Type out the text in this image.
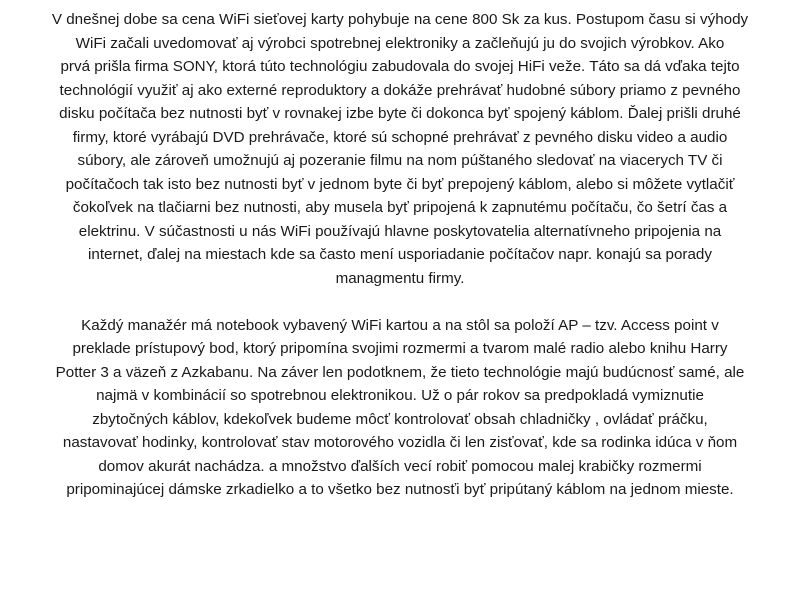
V dnešnej dobe sa cena WiFi sieťovej karty pohybuje na cene 800 Sk za kus. Postupom času si výhody
WiFi začali uvedomovať aj výrobci spotrebnej elektroniky a začleňujú ju do svojich výrobkov. Ako
prvá prišla firma SONY, ktorá túto technológiu zabudovala do svojej HiFi veže. Táto sa dá vďaka tejto
technológií využiť aj ako externé reproduktory a dokáže prehrávať hudobné súbory priamo z pevného
disku počítača bez nutnosti byť v rovnakej izbe byte či dokonca byť spojený káblom. Ďalej prišli druhé
firmy, ktoré vyrábajú DVD prehrávače, ktoré sú schopné prehrávať z pevného disku video a audio
súbory, ale zároveň umožnujú aj pozeranie filmu na nom púštaného sledovať na viacerych TV či
počítačoch tak isto bez nutnosti byť v jednom byte či byť prepojený káblom, alebo si môžete vytlačiť
čokoľvek na tlačiarni bez nutnosti, aby musela byť pripojená k zapnutému počítaču, čo šetrí čas a
elektrinu. V súčastnosti u nás WiFi používajú hlavne poskytovatelia alternatívneho pripojenia na
internet, ďalej na miestach kde sa často mení usporiadanie počítačov napr. konajú sa porady
managmentu firmy.

Každý manažér má notebook vybavený WiFi kartou a na stôl sa položí AP – tzv. Access point v
preklade prístupový bod, ktorý pripomína svojimi rozmermi a tvarom malé radio alebo knihu Harry
Potter 3 a väzeň z Azkabanu. Na záver len podotknem, že tieto technológie majú budúcnosť samé, ale
najmä v kombinácií so spotrebnou elektronikou. Už o pár rokov sa predpokladá vymiznutie
zbytočných káblov, kdekoľvek budeme môcť kontrolovať obsah chladničky , ovládať práčku,
nastavovať hodinky, kontrolovať stav motorového vozidla či len zisťovať, kde sa rodinka idúca v ňom
domov akurát nachádza. a množstvo ďalších vecí robiť pomocou malej krabičky rozmermi
pripominajúcej dámske zrkadielko a to všetko bez nutnosťi byť pripútaný káblom na jednom mieste.
